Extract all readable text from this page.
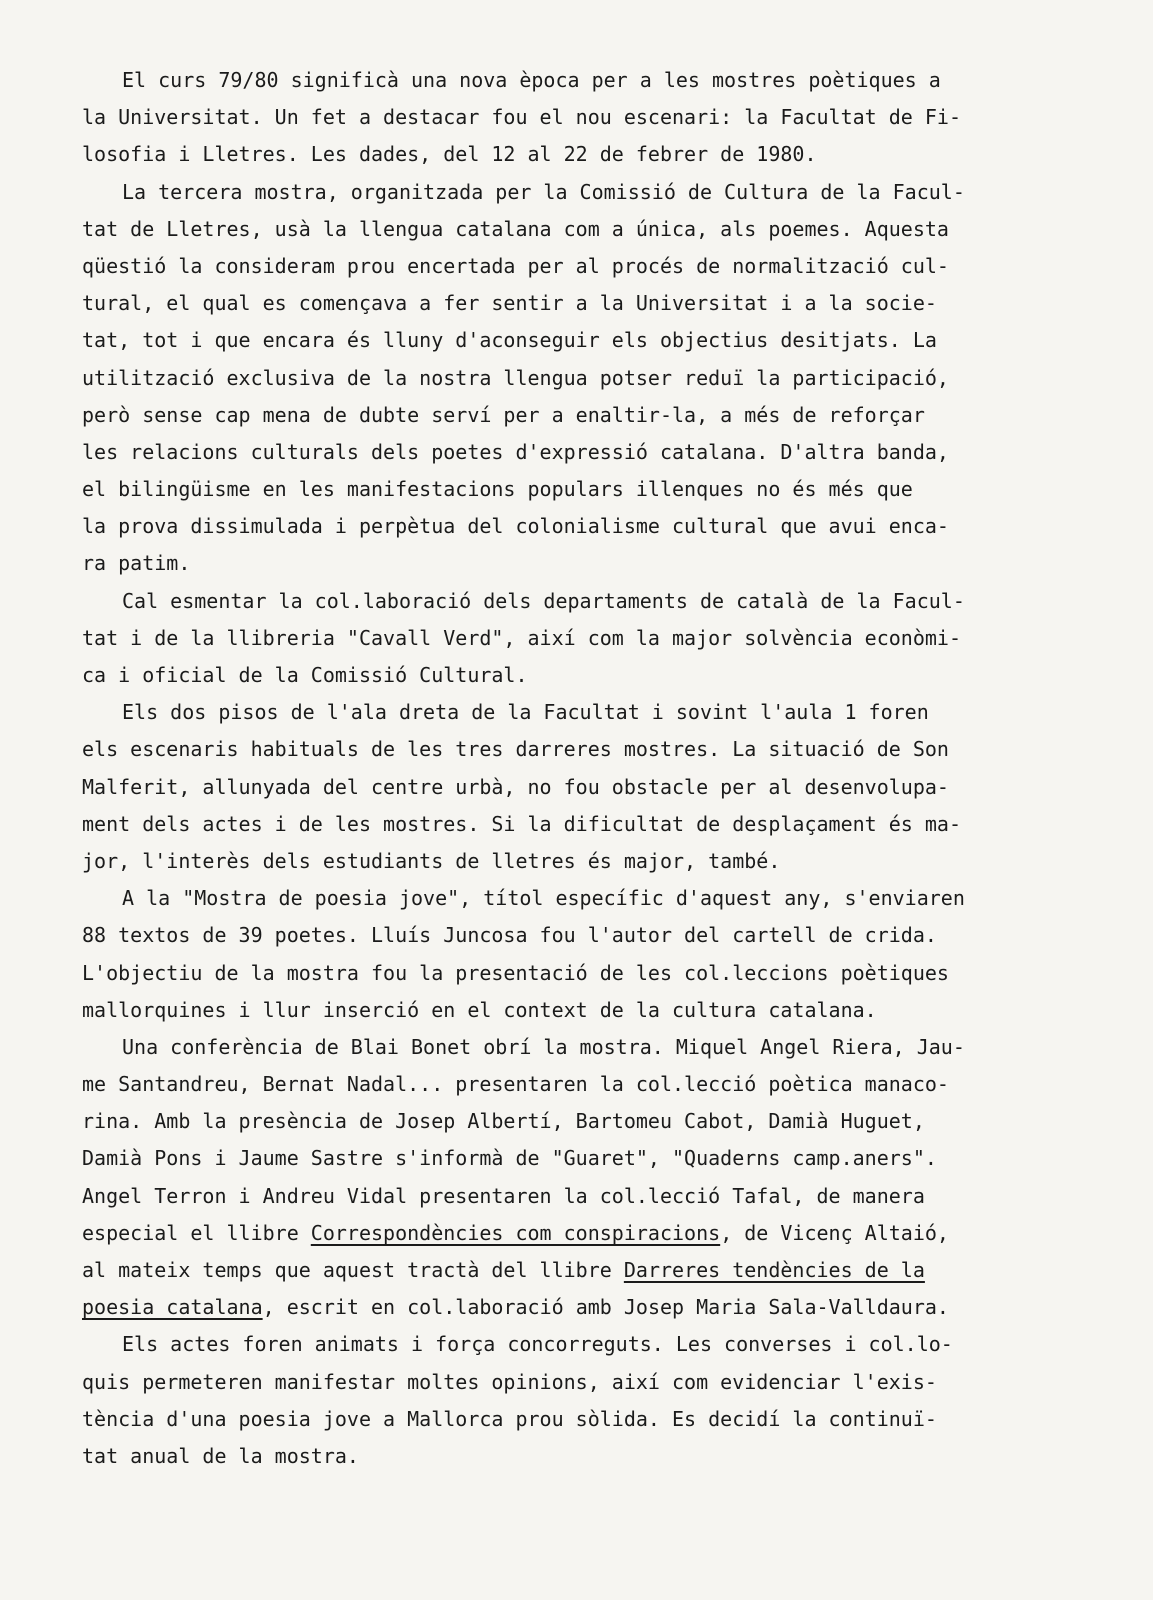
El curs 79/80 significà una nova època per a les mostres poètiques a
la Universitat. Un fet a destacar fou el nou escenari: la Facultat de Fi-
losofia i Lletres. Les dades, del 12 al 22 de febrer de 1980.
La tercera mostra, organitzada per la Comissió de Cultura de la Facul-
tat de Lletres, usà la llengua catalana com a única, als poemes. Aquesta
qüestió la consideram prou encertada per al procés de normalització cul-
tural, el qual es començava a fer sentir a la Universitat i a la socie-
tat, tot i que encara és lluny d'aconseguir els objectius desitjats. La
utilització exclusiva de la nostra llengua potser reduï la participació,
però sense cap mena de dubte serví per a enaltir-la, a més de reforçar
les relacions culturals dels poetes d'expressió catalana. D'altra banda,
el bilingüisme en les manifestacions populars illenques no és més que
la prova dissimulada i perpètua del colonialisme cultural que avui enca-
ra patim.
Cal esmentar la col.laboració dels departaments de català de la Facul-
tat i de la llibreria "Cavall Verd", així com la major solvència econòmi-
ca i oficial de la Comissió Cultural.
Els dos pisos de l'ala dreta de la Facultat i sovint l'aula 1 foren
els escenaris habituals de les tres darreres mostres. La situació de Son
Malferit, allunyada del centre urbà, no fou obstacle per al desenvolupa-
ment dels actes i de les mostres. Si la dificultat de desplaçament és ma-
jor, l'interès dels estudiants de lletres és major, també.
A la "Mostra de poesia jove", títol específic d'aquest any, s'enviaren
88 textos de 39 poetes. Lluís Juncosa fou l'autor del cartell de crida.
L'objectiu de la mostra fou la presentació de les col.leccions poètiques
mallorquines i llur inserció en el context de la cultura catalana.
Una conferència de Blai Bonet obrí la mostra. Miquel Angel Riera, Jau-
me Santandreu, Bernat Nadal... presentaren la col.lecció poètica manaco-
rina. Amb la presència de Josep Albertí, Bartomeu Cabot, Damià Huguet,
Damià Pons i Jaume Sastre s'informà de "Guaret", "Quaderns camp.aners".
Angel Terron i Andreu Vidal presentaren la col.lecció Tafal, de manera
especial el llibre Correspondències com conspiracions, de Vicenç Altaió,
al mateix temps que aquest tractà del llibre Darreres tendències de la
poesia catalana, escrit en col.laboració amb Josep Maria Sala-Valldaura.
Els actes foren animats i força concorreguts. Les converses i col.lo-
quis permeteren manifestar moltes opinions, així com evidenciar l'exis-
tència d'una poesia jove a Mallorca prou sòlida. Es decidí la continuï-
tat anual de la mostra.
